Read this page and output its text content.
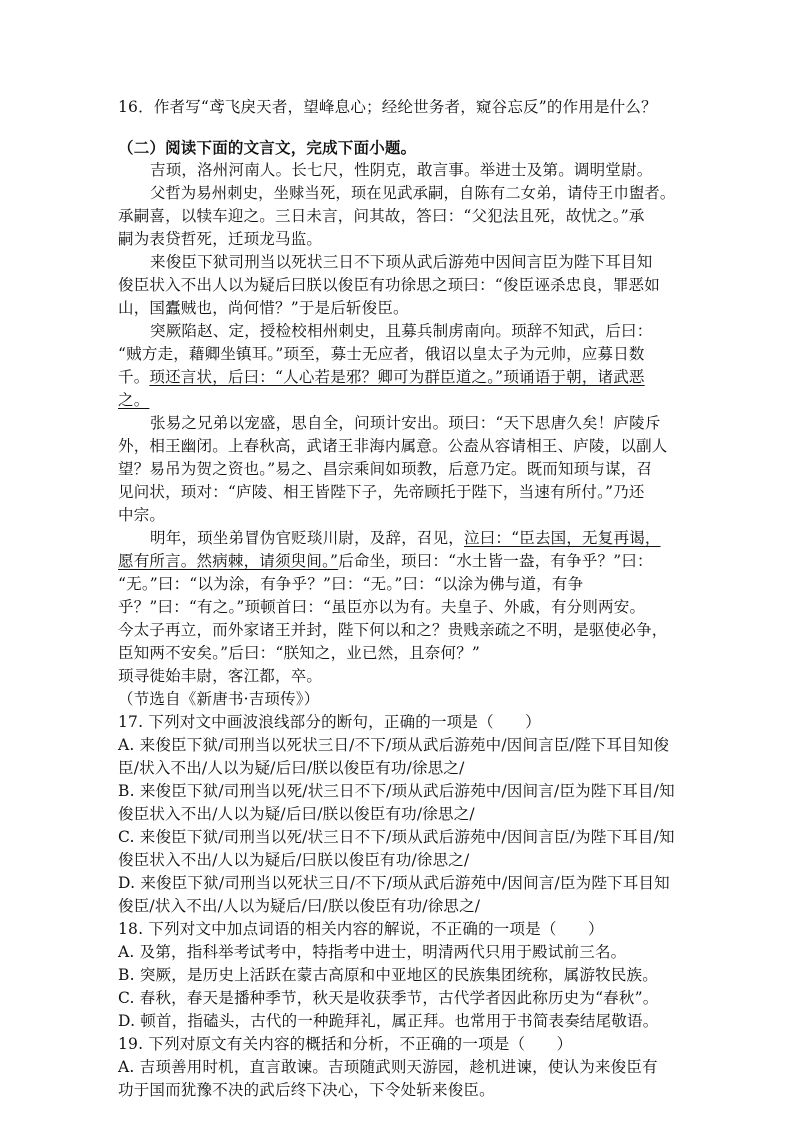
16．作者写“鸢飞戾天者，望峰息心；经纶世务者，窥谷忘反”的作用是什么？
（二）阅读下面的文言文，完成下面小题。
吉顼，洛州河南人。长七尺，性阴克，敢言事。举进士及第。调明堂尉。
父哲为易州刺史，坐赇当死，顼在见武承嗣，自陈有二女弟，请侍王巾盥者。
承嗣喜，以犊车迎之。三日未言，问其故，答曰：“父犯法且死，故忧之。”承
嗣为表贷哲死，迁顼龙马监。
来俊臣下狱司刑当以死状三日不下顼从武后游苑中因间言臣为陛下耳目知
俊臣状入不出人以为疑后曰朕以俊臣有功徐思之顼曰：“俊臣诬杀忠良，罪恶如
山，国蠹贼也，尚何惜？”于是后斩俊臣。
突厥陷赵、定，授检校相州刺史，且募兵制虏南向。顼辞不知武，后曰：
“贼方走，藉卿坐镇耳。”顼至，募士无应者，俄诏以皇太子为元帅，应募日数
千。顼还言状，后曰：“人心若是邪？卿可为群臣道之。”顼诵语于朝，诸武恶
之。
张易之兄弟以宠盛，思自全，问顼计安出。顼曰：“天下思唐久矣！庐陵斥
外，相王幽闭。上春秋高，武诸王非海内属意。公盍从容请相王、庐陵，以副人
望？易吊为贺之资也。”易之、昌宗乘间如顼教，后意乃定。既而知顼与谋，召
见问状，顼对：“庐陵、相王皆陛下子，先帝顾托于陛下，当速有所付。”乃还
中宗。
明年，顼坐弟冒伪官贬琰川尉，及辞，召见，泣曰：“臣去国，无复再谒，
愿有所言。然病棘，请须臾间。”后命坐，顼曰：“水土皆一盎，有争乎？”曰：
“无。”曰：“以为涂，有争乎？”曰：“无。”曰：“以涂为佛与道，有争
乎？”曰：“有之。”顼顿首曰：“虽臣亦以为有。夫皇子、外戚，有分则两安。
今太子再立，而外家诸王并封，陛下何以和之？贵贱亲疏之不明，是驱使必争，
臣知两不安矣。”后曰：“朕知之，业已然，且奈何？”
顼寻徙始丰尉，客江都，卒。
（节选自《新唐书·吉顼传》）
17. 下列对文中画波浪线部分的断句，正确的一项是（　　）
A. 来俊臣下狱/司刑当以死状三日/不下/顼从武后游苑中/因间言臣/陛下耳目知俊
臣/状入不出/人以为疑/后曰/朕以俊臣有功/徐思之/
B. 来俊臣下狱/司刑当以死/状三日不下/顼从武后游苑中/因间言/臣为陛下耳目/知
俊臣状入不出/人以为疑/后曰/朕以俊臣有功/徐思之/
C. 来俊臣下狱/司刑当以死/状三日不下/顼从武后游苑中/因间言臣/为陛下耳目/知
俊臣状入不出/人以为疑后/曰朕以俊臣有功/徐思之/
D. 来俊臣下狱/司刑当以死状三日/不下/顼从武后游苑中/因间言/臣为陛下耳目知
俊臣/状入不出/人以为疑后/曰/朕以俊臣有功/徐思之/
18. 下列对文中加点词语的相关内容的解说，不正确的一项是（　　）
A. 及第，指科举考试考中，特指考中进士，明清两代只用于殿试前三名。
B. 突厥，是历史上活跃在蒙古高原和中亚地区的民族集团统称，属游牧民族。
C. 春秋，春天是播种季节，秋天是收获季节，古代学者因此称历史为“春秋”。
D. 顿首，指磕头，古代的一种跪拜礼，属正拜。也常用于书简表奏结尾敬语。
19. 下列对原文有关内容的概括和分析，不正确的一项是（　　）
A. 吉顼善用时机，直言敢谏。吉顼随武则天游园，趁机进谏，使认为来俊臣有
功于国而犹豫不决的武后终下决心，下令处斩来俊臣。
